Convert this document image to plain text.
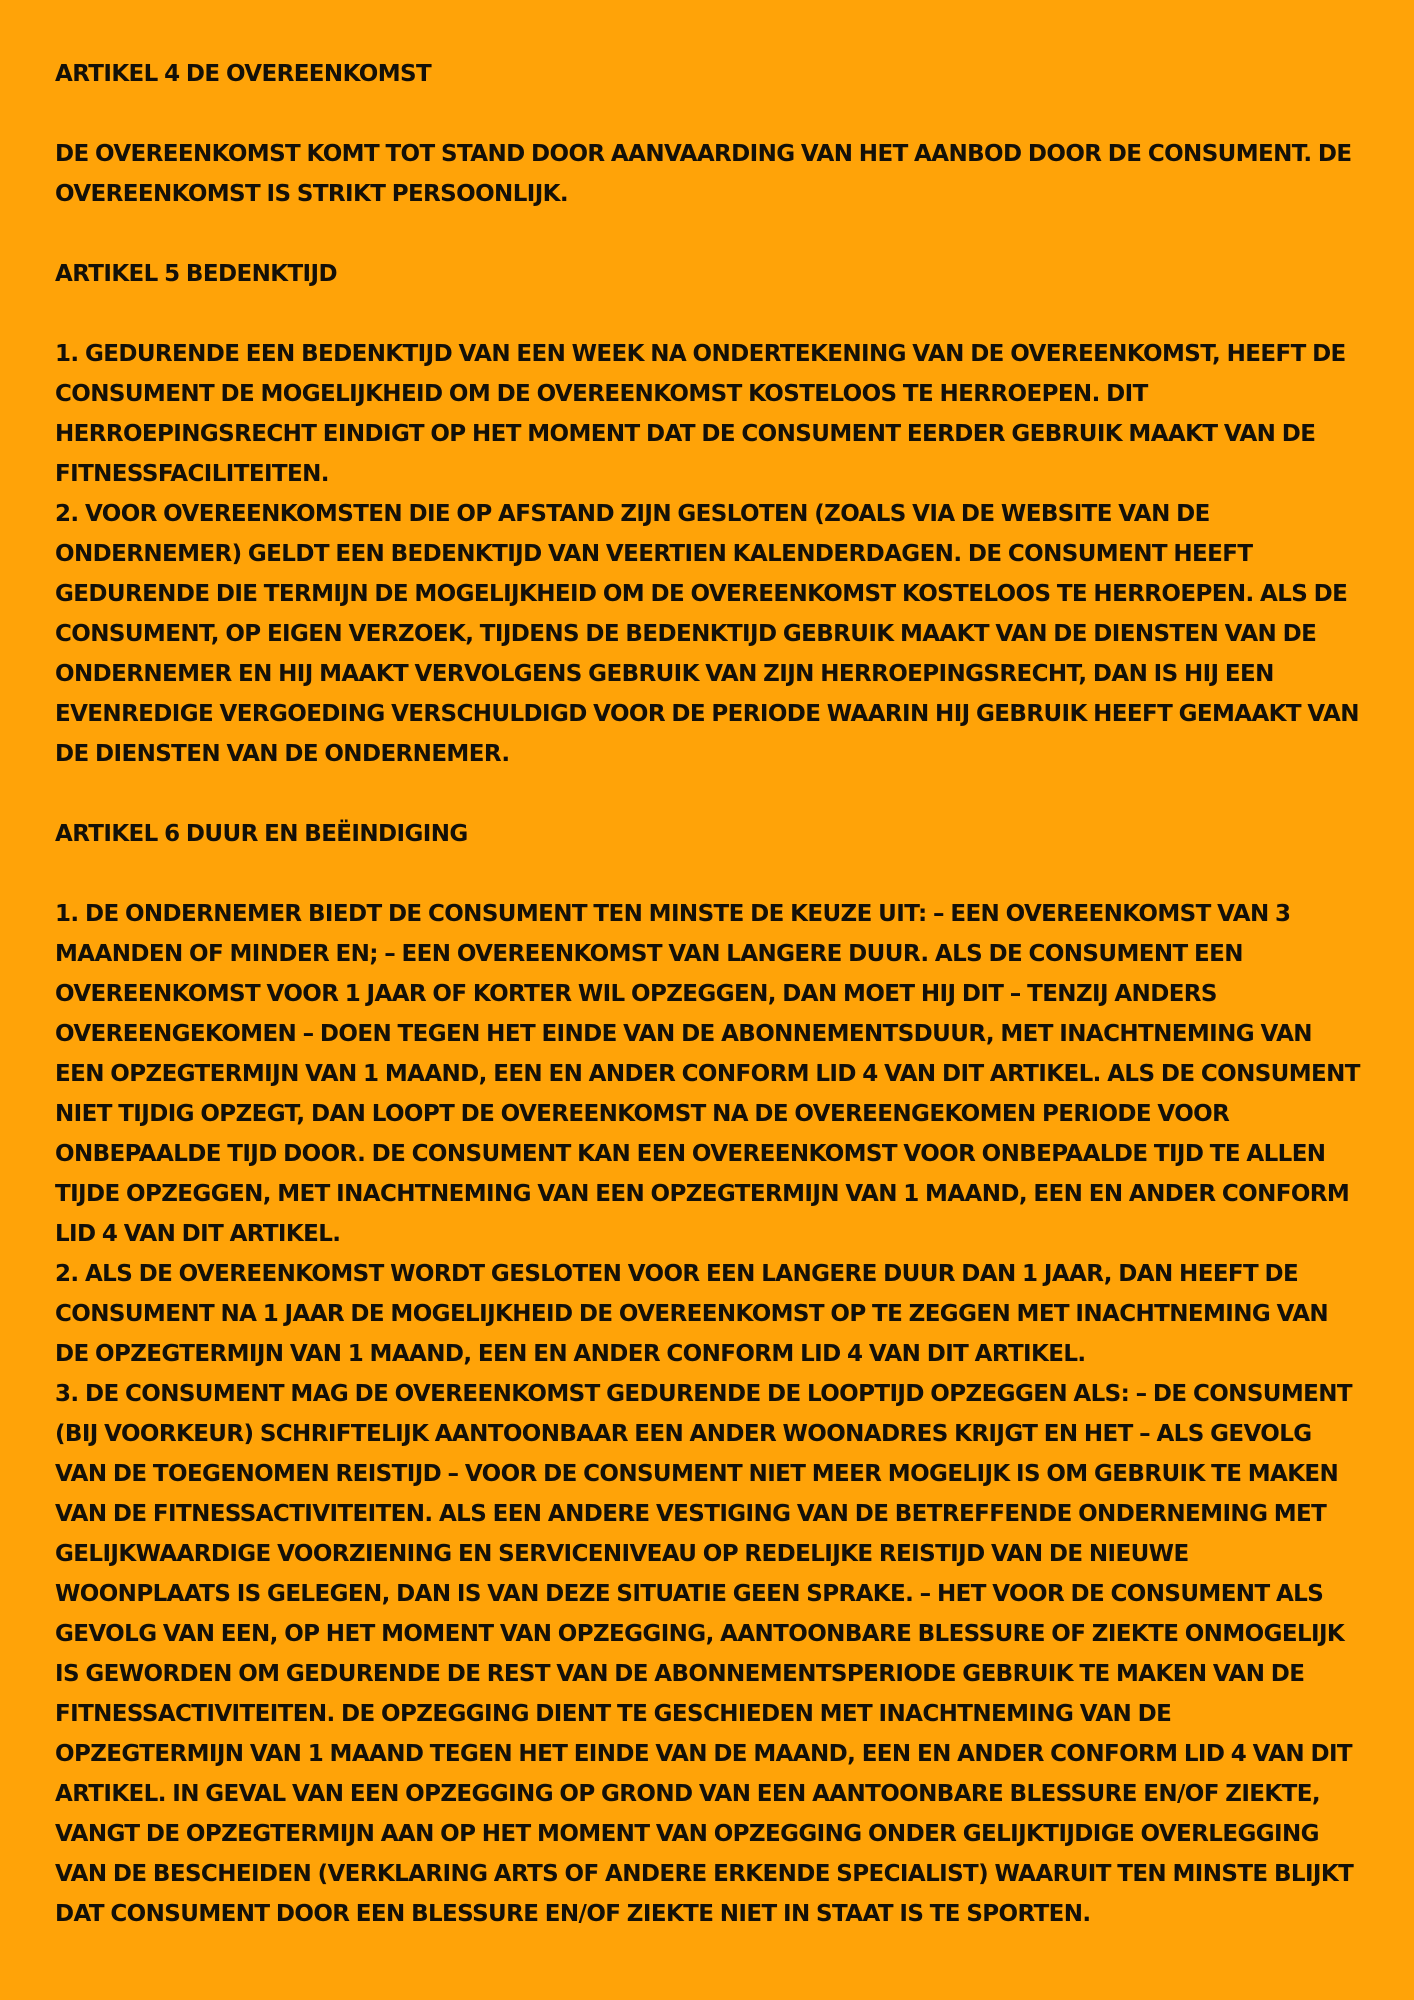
ARTIKEL 4 DE OVEREENKOMST

DE OVEREENKOMST KOMT TOT STAND DOOR AANVAARDING VAN HET AANBOD DOOR DE CONSUMENT. DE OVEREENKOMST IS STRIKT PERSOONLIJK.

ARTIKEL 5 BEDENKTIJD

1. GEDURENDE EEN BEDENKTIJD VAN EEN WEEK NA ONDERTEKENING VAN DE OVEREENKOMST, HEEFT DE CONSUMENT DE MOGELIJKHEID OM DE OVEREENKOMST KOSTELOOS TE HERROEPEN. DIT HERROEPINGSRECHT EINDIGT OP HET MOMENT DAT DE CONSUMENT EERDER GEBRUIK MAAKT VAN DE FITNESSFACILITEITEN.

2. VOOR OVEREENKOMSTEN DIE OP AFSTAND ZIJN GESLOTEN (ZOALS VIA DE WEBSITE VAN DE ONDERNEMER) GELDT EEN BEDENKTIJD VAN VEERTIEN KALENDERDAGEN. DE CONSUMENT HEEFT GEDURENDE DIE TERMIJN DE MOGELIJKHEID OM DE OVEREENKOMST KOSTELOOS TE HERROEPEN. ALS DE CONSUMENT, OP EIGEN VERZOEK, TIJDENS DE BEDENKTIJD GEBRUIK MAAKT VAN DE DIENSTEN VAN DE ONDERNEMER EN HIJ MAAKT VERVOLGENS GEBRUIK VAN ZIJN HERROEPINGSRECHT, DAN IS HIJ EEN EVENREDIGE VERGOEDING VERSCHULDIGD VOOR DE PERIODE WAARIN HIJ GEBRUIK HEEFT GEMAAKT VAN DE DIENSTEN VAN DE ONDERNEMER.

ARTIKEL 6 DUUR EN BEËINDIGING

1. DE ONDERNEMER BIEDT DE CONSUMENT TEN MINSTE DE KEUZE UIT: – EEN OVEREENKOMST VAN 3 MAANDEN OF MINDER EN; – EEN OVEREENKOMST VAN LANGERE DUUR. ALS DE CONSUMENT EEN OVEREENKOMST VOOR 1 JAAR OF KORTER WIL OPZEGGEN, DAN MOET HIJ DIT – TENZIJ ANDERS OVEREENGEKOMEN – DOEN TEGEN HET EINDE VAN DE ABONNEMENTSDUUR, MET INACHTNEMING VAN EEN OPZEGTERMIJN VAN 1 MAAND, EEN EN ANDER CONFORM LID 4 VAN DIT ARTIKEL. ALS DE CONSUMENT NIET TIJDIG OPZEGT, DAN LOOPT DE OVEREENKOMST NA DE OVEREENGEKOMEN PERIODE VOOR ONBEPAALDE TIJD DOOR. DE CONSUMENT KAN EEN OVEREENKOMST VOOR ONBEPAALDE TIJD TE ALLEN TIJDE OPZEGGEN, MET INACHTNEMING VAN EEN OPZEGTERMIJN VAN 1 MAAND, EEN EN ANDER CONFORM LID 4 VAN DIT ARTIKEL.

2. ALS DE OVEREENKOMST WORDT GESLOTEN VOOR EEN LANGERE DUUR DAN 1 JAAR, DAN HEEFT DE CONSUMENT NA 1 JAAR DE MOGELIJKHEID DE OVEREENKOMST OP TE ZEGGEN MET INACHTNEMING VAN DE OPZEGTERMIJN VAN 1 MAAND, EEN EN ANDER CONFORM LID 4 VAN DIT ARTIKEL.

3. DE CONSUMENT MAG DE OVEREENKOMST GEDURENDE DE LOOPTIJD OPZEGGEN ALS: – DE CONSUMENT (BIJ VOORKEUR) SCHRIFTELIJK AANTOONBAAR EEN ANDER WOONADRES KRIJGT EN HET – ALS GEVOLG VAN DE TOEGENOMEN REISTIJD – VOOR DE CONSUMENT NIET MEER MOGELIJK IS OM GEBRUIK TE MAKEN VAN DE FITNESSACTIVITEITEN. ALS EEN ANDERE VESTIGING VAN DE BETREFFENDE ONDERNEMING MET GELIJKWAARDIGE VOORZIENING EN SERVICENIVEAU OP REDELIJKE REISTIJD VAN DE NIEUWE WOONPLAATS IS GELEGEN, DAN IS VAN DEZE SITUATIE GEEN SPRAKE. – HET VOOR DE CONSUMENT ALS GEVOLG VAN EEN, OP HET MOMENT VAN OPZEGGING, AANTOONBARE BLESSURE OF ZIEKTE ONMOGELIJK IS GEWORDEN OM GEDURENDE DE REST VAN DE ABONNEMENTSPERIODE GEBRUIK TE MAKEN VAN DE FITNESSACTIVITEITEN. DE OPZEGGING DIENT TE GESCHIEDEN MET INACHTNEMING VAN DE OPZEGTERMIJN VAN 1 MAAND TEGEN HET EINDE VAN DE MAAND, EEN EN ANDER CONFORM LID 4 VAN DIT ARTIKEL. IN GEVAL VAN EEN OPZEGGING OP GROND VAN EEN AANTOONBARE BLESSURE EN/OF ZIEKTE, VANGT DE OPZEGTERMIJN AAN OP HET MOMENT VAN OPZEGGING ONDER GELIJKTIJDIGE OVERLEGGING VAN DE BESCHEIDEN (VERKLARING ARTS OF ANDERE ERKENDE SPECIALIST) WAARUIT TEN MINSTE BLIJKT DAT CONSUMENT DOOR EEN BLESSURE EN/OF ZIEKTE NIET IN STAAT IS TE SPORTEN.
